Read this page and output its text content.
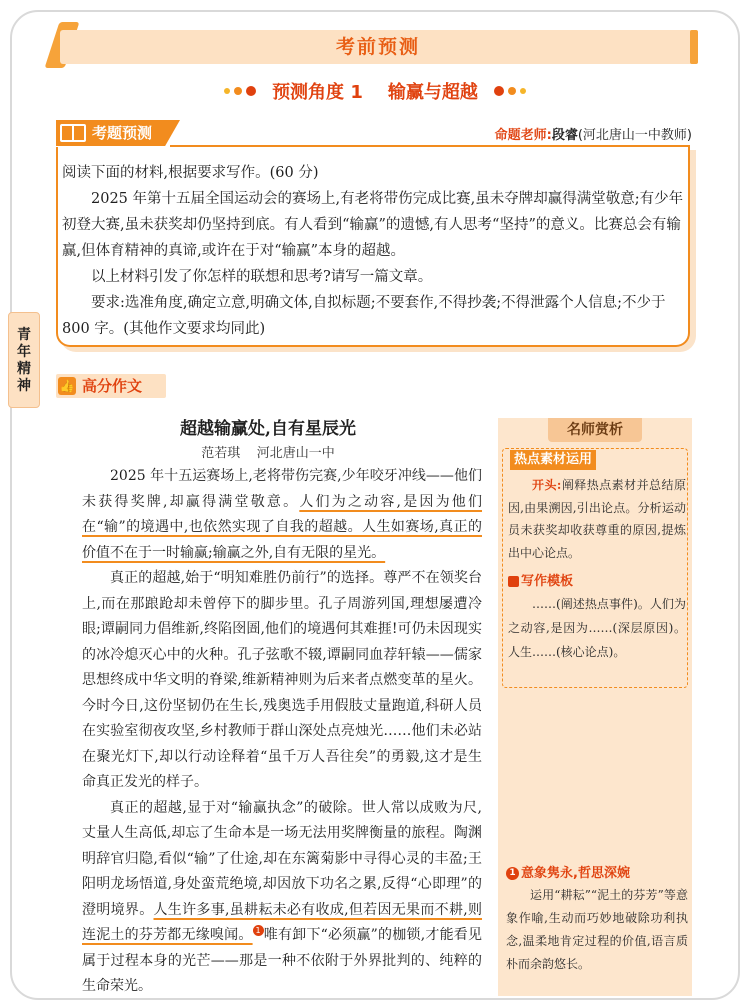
考前预测
预测角度 1    输赢与超越
考题预测	命题老师:段睿(河北唐山一中教师)

阅读下面的材料,根据要求写作。(60 分)

2025 年第十五届全国运动会的赛场上,有老将带伤完成比赛,虽未夺牌却赢得满堂敬意;有少年初登大赛,虽未获奖却仍坚持到底。有人看到“输赢”的遗憾,有人思考“坚持”的意义。比赛总会有输赢,但体育精神的真谛,或许在于对“输赢”本身的超越。

以上材料引发了你怎样的联想和思考?请写一篇文章。

要求:选准角度,确定立意,明确文体,自拟标题;不要套作,不得抄袭;不得泄露个人信息;不少于 800 字。(其他作文要求均同此)

青年精神 👍 高分作文
超越输赢处,自有星辰光
范若琪    河北唐山一中

2025 年十五运赛场上,老将带伤完赛,少年咬牙冲线——他们未获得奖牌,却赢得满堂敬意。人们为之动容,是因为他们在“输”的境遇中,也依然实现了自我的超越。人生如赛场,真正的价值不在于一时输赢;输赢之外,自有无限的星光。

真正的超越,始于“明知难胜仍前行”的选择。尊严不在领奖台上,而在那踉跄却未曾停下的脚步里。孔子周游列国,理想屡遭冷眼;谭嗣同力倡维新,终陷囹圄,他们的境遇何其难捱!可仍未因现实的冰冷熄灭心中的火种。孔子弦歌不辍,谭嗣同血荐轩辕——儒家思想终成中华文明的脊梁,维新精神则为后来者点燃变革的星火。今时今日,这份坚韧仍在生长,残奥选手用假肢丈量跑道,科研人员在实验室彻夜攻坚,乡村教师于群山深处点亮烛光……他们未必站在聚光灯下,却以行动诠释着“虽千万人吾往矣”的勇毅,这才是生命真正发光的样子。

真正的超越,显于对“输赢执念”的破除。世人常以成败为尺,丈量人生高低,却忘了生命本是一场无法用奖牌衡量的旅程。陶渊明辞官归隐,看似“输”了仕途,却在东篱菊影中寻得心灵的丰盈;王阳明龙场悟道,身处蛮荒绝境,却因放下功名之累,反得“心即理”的澄明境界。人生许多事,虽耕耘未必有收成,但若因无果而不耕,则连泥土的芬芳都无缘嗅闻。 1 唯有卸下“必须赢”的枷锁,才能看见属于过程本身的光芒——那是一种不依附于外界批判的、纯粹的生命荣光。

名师赏析
热点素材运用

开头:阐释热点素材并总结原因,由果溯因,引出论点。分析运动员未获奖却收获尊重的原因,提炼出中心论点。

写作模板

……(阐述热点事件)。人们为之动容,是因为……(深层原因)。人生……(核心论点)。

1 意象隽永,哲思深婉

运用“耕耘”“泥土的芬芳”等意象作喻,生动而巧妙地破除功利执念,温柔地肯定过程的价值,语言质朴而余韵悠长。
